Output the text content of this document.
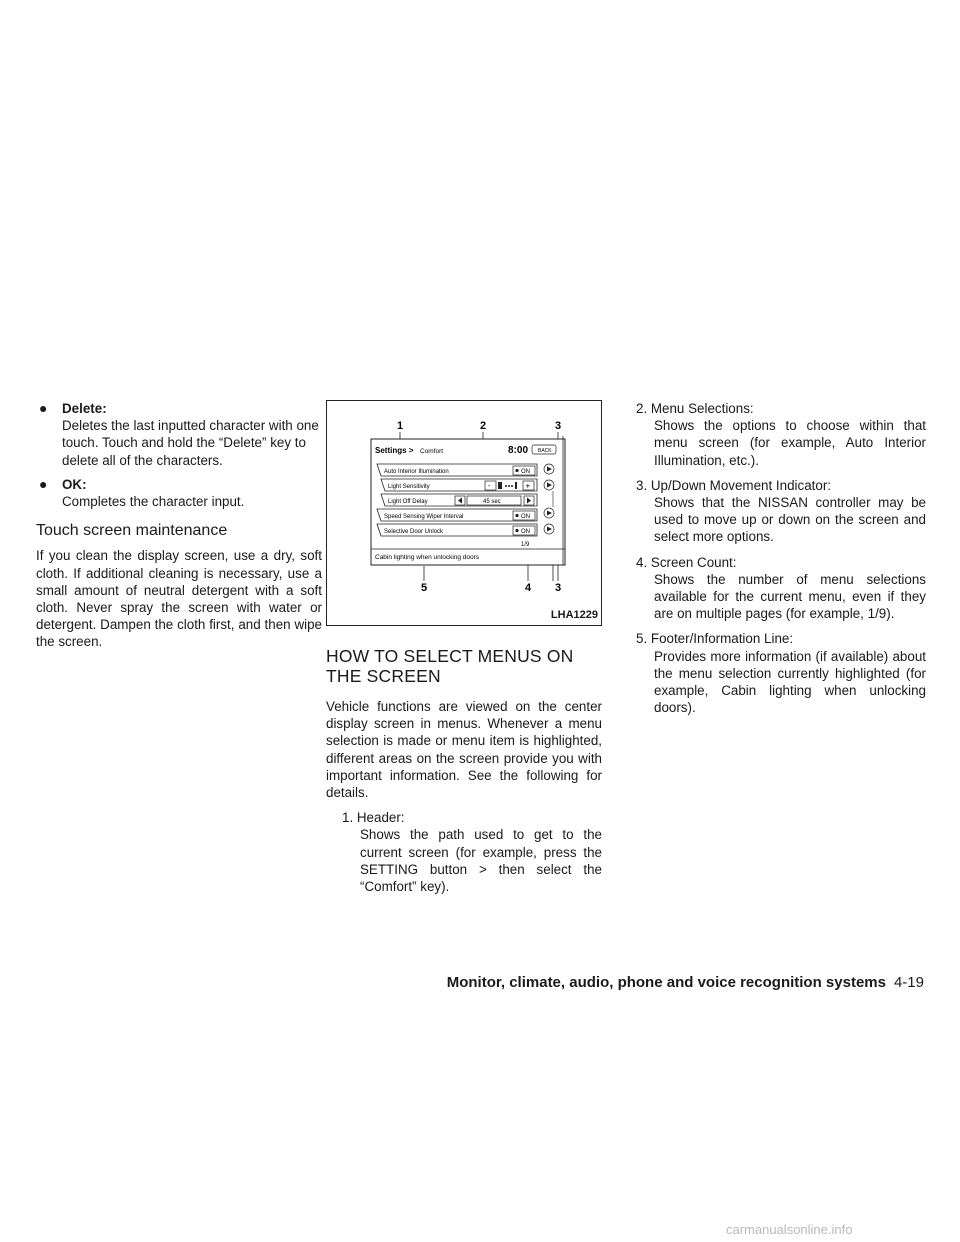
● Delete:
Deletes the last inputted character with one touch. Touch and hold the “Delete” key to delete all of the characters.
● OK:
Completes the character input.
Touch screen maintenance

If you clean the display screen, use a dry, soft cloth. If additional cleaning is necessary, use a small amount of neutral detergent with a soft cloth. Never spray the screen with water or detergent. Dampen the cloth first, and then wipe the screen.

1	2	3
5	4 3
Settings > Comfort	8:00 BACK
Auto Interior Illumination	ON
Light Sensitivity	-	+
Light Off Delay	45 sec
Speed Sensing Wiper Interval	ON
Selective Door Unlock	ON
1/9
Cabin lighting when unlocking doors
LHA1229
HOW TO SELECT MENUS ON THE SCREEN

Vehicle functions are viewed on the center display screen in menus. Whenever a menu selection is made or menu item is highlighted, different areas on the screen provide you with important information. See the following for details.

1. Header:
Shows the path used to get to the current screen (for example, press the SETTING button > then select the “Comfort” key).
2. Menu Selections:
Shows the options to choose within that menu screen (for example, Auto Interior Illumination, etc.).
3. Up/Down Movement Indicator:
Shows that the NISSAN controller may be used to move up or down on the screen and select more options.
4. Screen Count:
Shows the number of menu selections available for the current menu, even if they are on multiple pages (for example, 1/9).
5. Footer/Information Line:
Provides more information (if available) about the menu selection currently highlighted (for example, Cabin lighting when unlocking doors).
Monitor, climate, audio, phone and voice recognition systems 4-19
carmanualsonline.info
